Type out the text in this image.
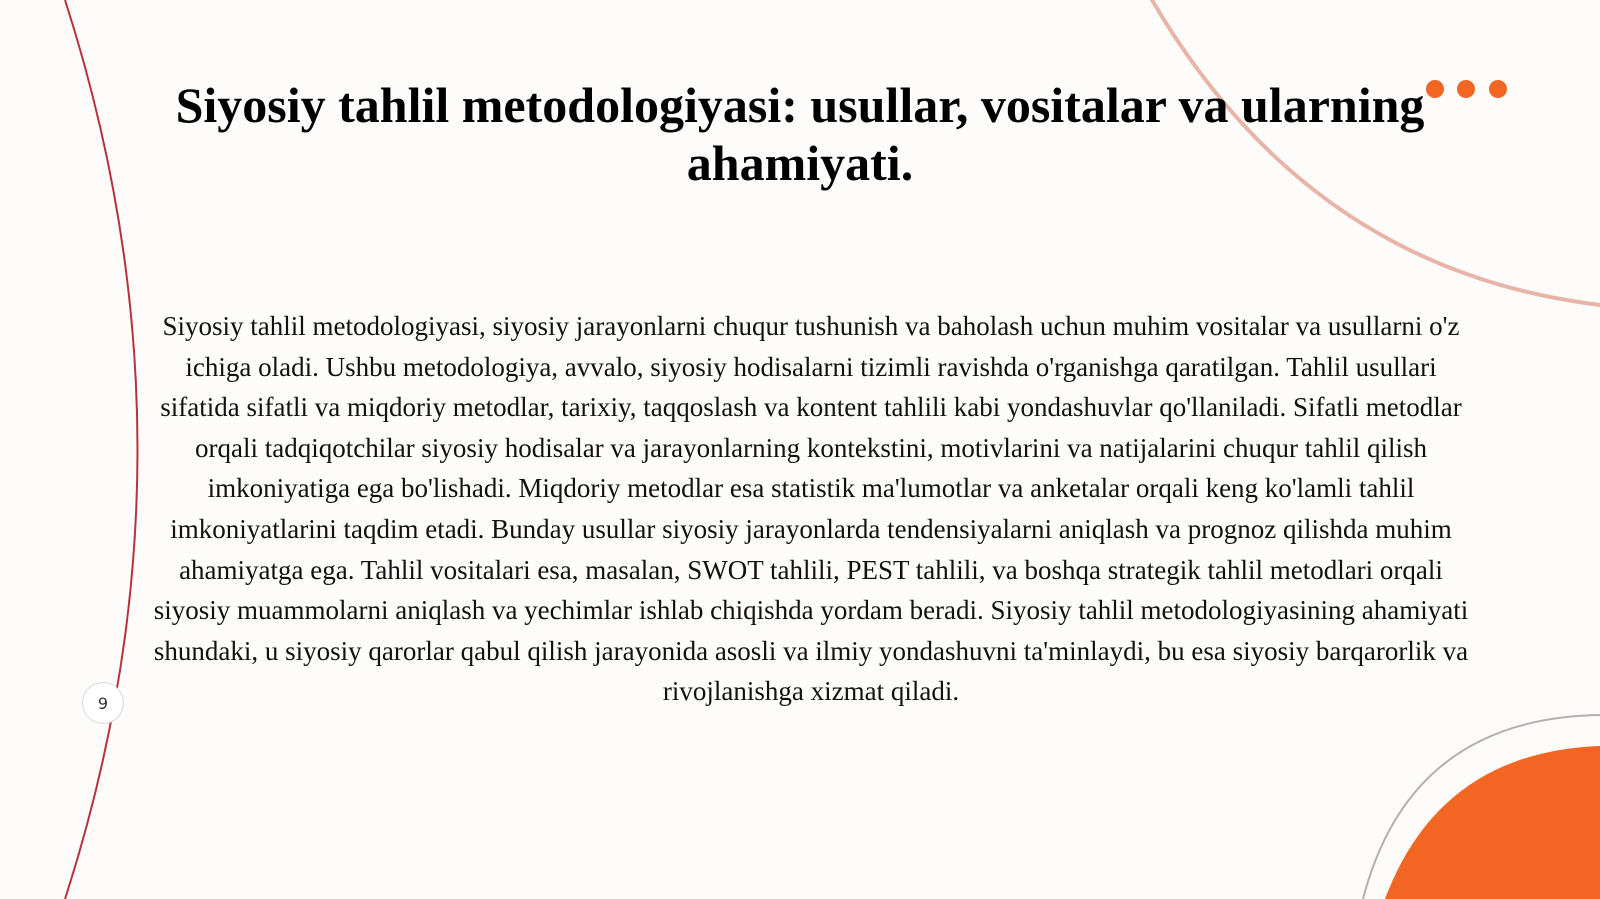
Siyosiy tahlil metodologiyasi: usullar, vositalar va ularning ahamiyati.

Siyosiy tahlil metodologiyasi, siyosiy jarayonlarni chuqur tushunish va baholash uchun muhim vositalar va usullarni o'z ichiga oladi. Ushbu metodologiya, avvalo, siyosiy hodisalarni tizimli ravishda o'rganishga qaratilgan. Tahlil usullari sifatida sifatli va miqdoriy metodlar, tarixiy, taqqoslash va kontent tahlili kabi yondashuvlar qo'llaniladi. Sifatli metodlar orqali tadqiqotchilar siyosiy hodisalar va jarayonlarning kontekstini, motivlarini va natijalarini chuqur tahlil qilish imkoniyatiga ega bo'lishadi. Miqdoriy metodlar esa statistik ma'lumotlar va anketalar orqali keng ko'lamli tahlil imkoniyatlarini taqdim etadi. Bunday usullar siyosiy jarayonlarda tendensiyalarni aniqlash va prognoz qilishda muhim ahamiyatga ega. Tahlil vositalari esa, masalan, SWOT tahlili, PEST tahlili, va boshqa strategik tahlil metodlari orqali siyosiy muammolarni aniqlash va yechimlar ishlab chiqishda yordam beradi. Siyosiy tahlil metodologiyasining ahamiyati shundaki, u siyosiy qarorlar qabul qilish jarayonida asosli va ilmiy yondashuvni ta'minlaydi, bu esa siyosiy barqarorlik va rivojlanishga xizmat qiladi.

9
